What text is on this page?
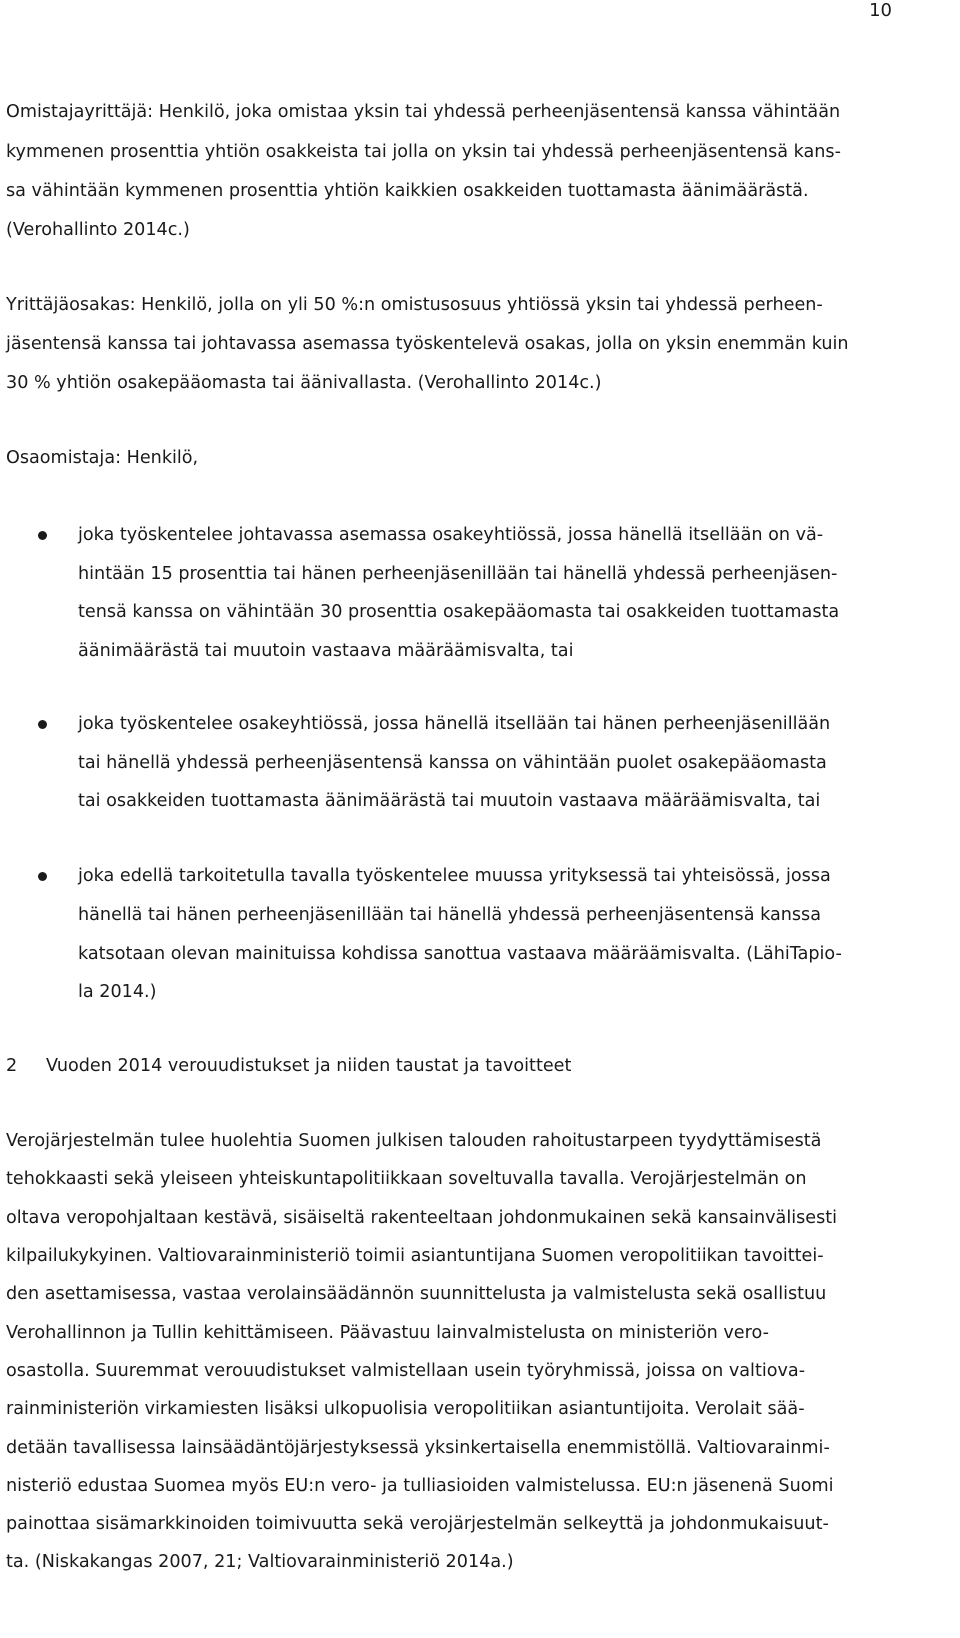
10
Omistajayrittäjä: Henkilö, joka omistaa yksin tai yhdessä perheenjäsentensä kanssa vähintään
kymmenen prosenttia yhtiön osakkeista tai jolla on yksin tai yhdessä perheenjäsentensä kans-
sa vähintään kymmenen prosenttia yhtiön kaikkien osakkeiden tuottamasta äänimäärästä.
(Verohallinto 2014c.)
Yrittäjäosakas: Henkilö, jolla on yli 50 %:n omistusosuus yhtiössä yksin tai yhdessä perheen-
jäsentensä kanssa tai johtavassa asemassa työskentelevä osakas, jolla on yksin enemmän kuin
30 % yhtiön osakepääomasta tai äänivallasta. (Verohallinto 2014c.)
Osaomistaja: Henkilö,
joka työskentelee johtavassa asemassa osakeyhtiössä, jossa hänellä itsellään on vä-
hintään 15 prosenttia tai hänen perheenjäsenillään tai hänellä yhdessä perheenjäsen-
tensä kanssa on vähintään 30 prosenttia osakepääomasta tai osakkeiden tuottamasta
äänimäärästä tai muutoin vastaava määräämisvalta, tai
joka työskentelee osakeyhtiössä, jossa hänellä itsellään tai hänen perheenjäsenillään
tai hänellä yhdessä perheenjäsentensä kanssa on vähintään puolet osakepääomasta
tai osakkeiden tuottamasta äänimäärästä tai muutoin vastaava määräämisvalta, tai
joka edellä tarkoitetulla tavalla työskentelee muussa yrityksessä tai yhteisössä, jossa
hänellä tai hänen perheenjäsenillään tai hänellä yhdessä perheenjäsentensä kanssa
katsotaan olevan mainituissa kohdissa sanottua vastaava määräämisvalta. (LähiTapio-
la 2014.)
2 Vuoden 2014 verouudistukset ja niiden taustat ja tavoitteet
Verojärjestelmän tulee huolehtia Suomen julkisen talouden rahoitustarpeen tyydyttämisestä
tehokkaasti sekä yleiseen yhteiskuntapolitiikkaan soveltuvalla tavalla. Verojärjestelmän on
oltava veropohjaltaan kestävä, sisäiseltä rakenteeltaan johdonmukainen sekä kansainvälisesti
kilpailukykyinen. Valtiovarainministeriö toimii asiantuntijana Suomen veropolitiikan tavoittei-
den asettamisessa, vastaa verolainsäädännön suunnittelusta ja valmistelusta sekä osallistuu
Verohallinnon ja Tullin kehittämiseen. Päävastuu lainvalmistelusta on ministeriön vero-
osastolla. Suuremmat verouudistukset valmistellaan usein työryhmissä, joissa on valtiova-
rainministeriön virkamiesten lisäksi ulkopuolisia veropolitiikan asiantuntijoita. Verolait sää-
detään tavallisessa lainsäädäntöjärjestyksessä yksinkertaisella enemmistöllä. Valtiovarainmi-
nisteriö edustaa Suomea myös EU:n vero- ja tulliasioiden valmistelussa. EU:n jäsenenä Suomi
painottaa sisämarkkinoiden toimivuutta sekä verojärjestelmän selkeyttä ja johdonmukaisuut-
ta. (Niskakangas 2007, 21; Valtiovarainministeriö 2014a.)
